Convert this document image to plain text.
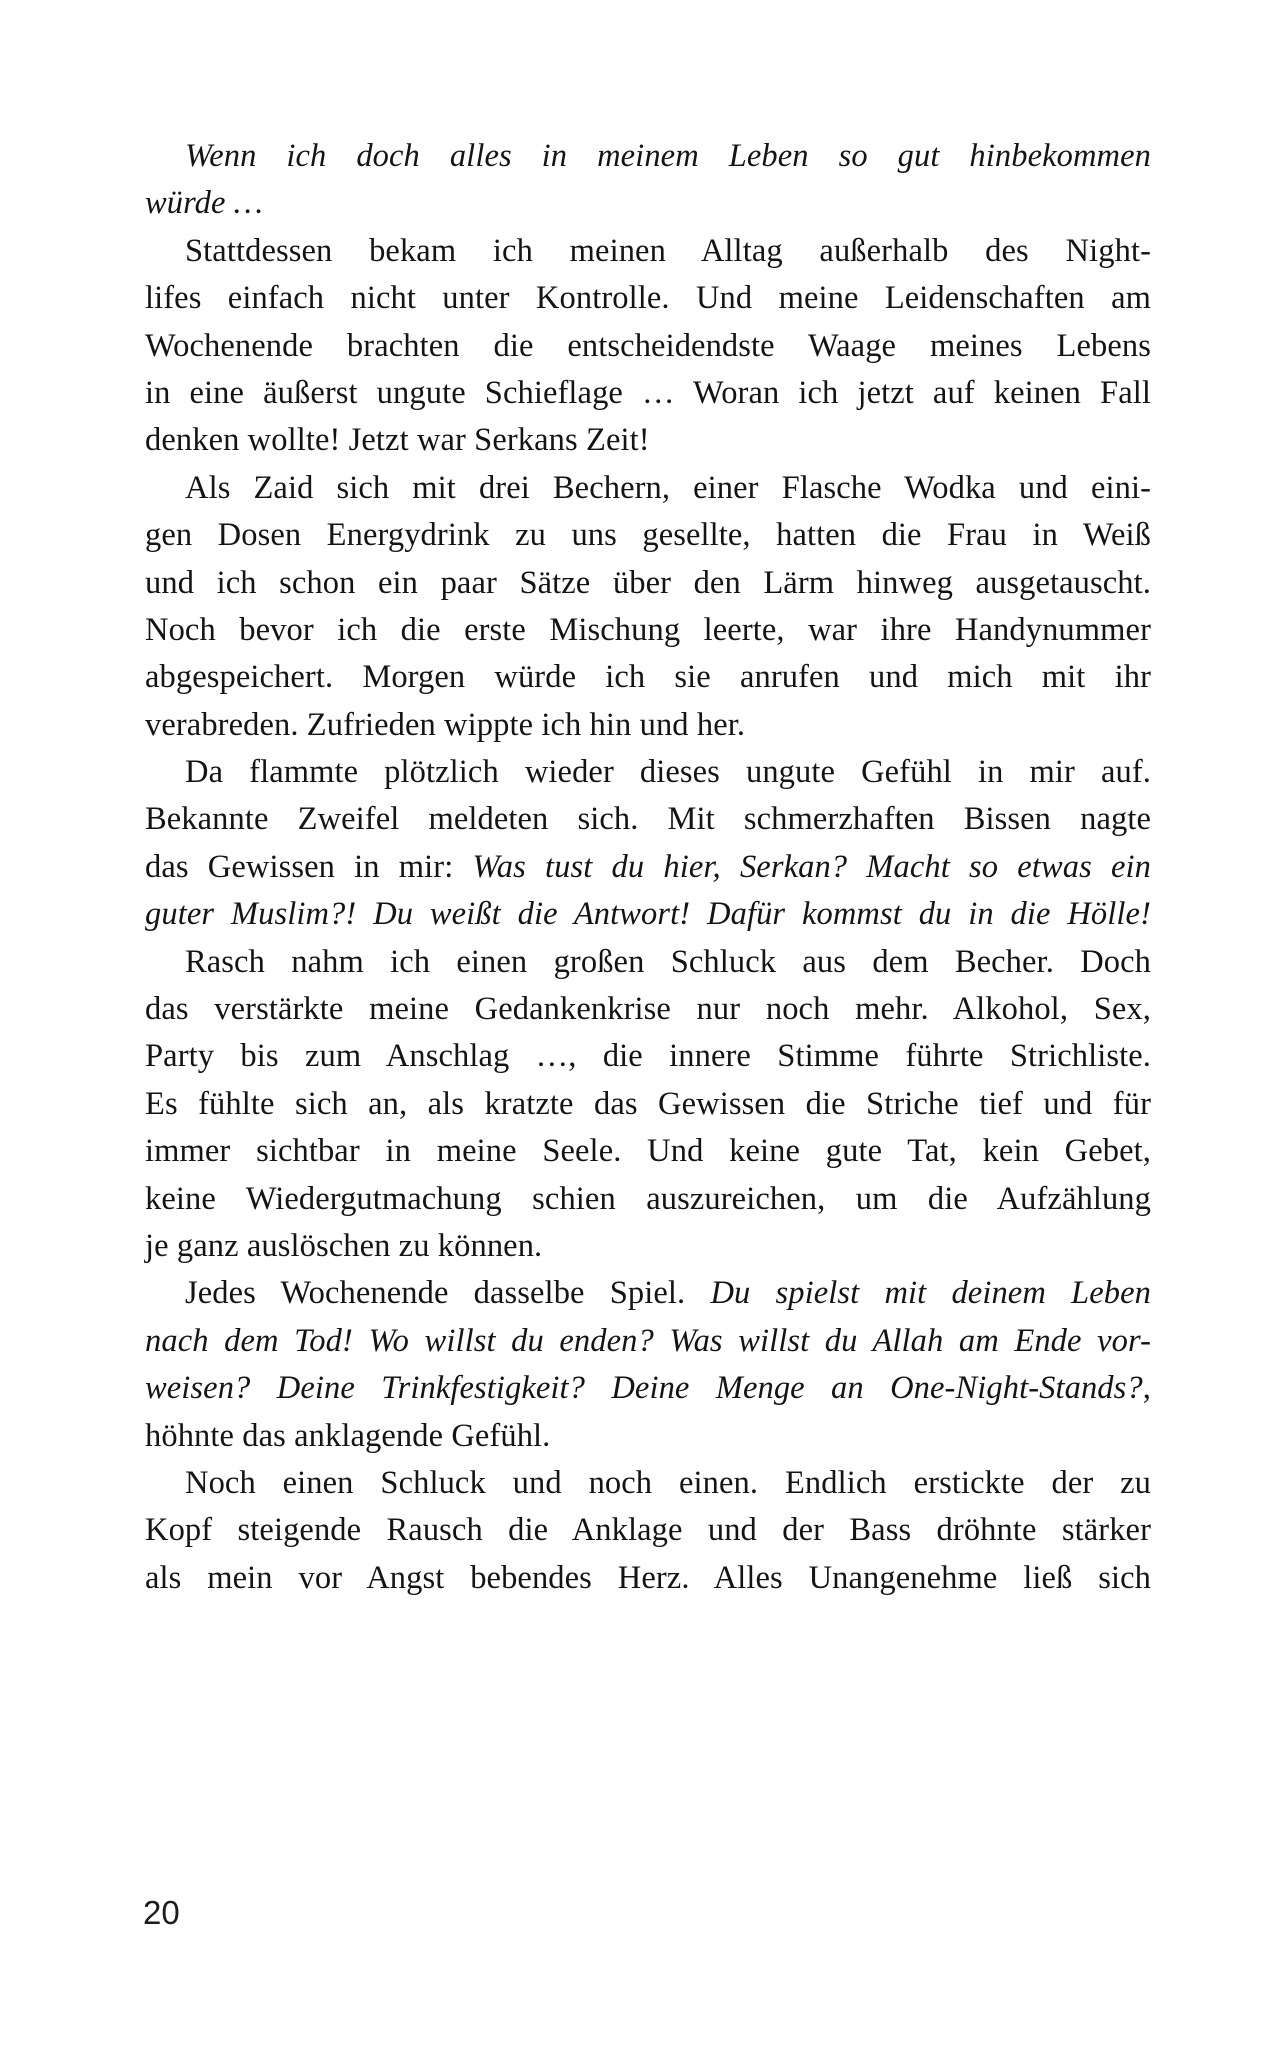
Wenn ich doch alles in meinem Leben so gut hinbekommen
würde …
Stattdessen bekam ich meinen Alltag außerhalb des Night-
lifes einfach nicht unter Kontrolle. Und meine Leidenschaften am
Wochenende brachten die entscheidendste Waage meines Lebens
in eine äußerst ungute Schieflage … Woran ich jetzt auf keinen Fall
denken wollte! Jetzt war Serkans Zeit!
Als Zaid sich mit drei Bechern, einer Flasche Wodka und eini-
gen Dosen Energydrink zu uns gesellte, hatten die Frau in Weiß
und ich schon ein paar Sätze über den Lärm hinweg ausgetauscht.
Noch bevor ich die erste Mischung leerte, war ihre Handynummer
abgespeichert. Morgen würde ich sie anrufen und mich mit ihr
verabreden. Zufrieden wippte ich hin und her.
Da flammte plötzlich wieder dieses ungute Gefühl in mir auf.
Bekannte Zweifel meldeten sich. Mit schmerzhaften Bissen nagte
das Gewissen in mir: Was tust du hier, Serkan? Macht so etwas ein
guter Muslim?! Du weißt die Antwort! Dafür kommst du in die Hölle!
Rasch nahm ich einen großen Schluck aus dem Becher. Doch
das verstärkte meine Gedankenkrise nur noch mehr. Alkohol, Sex,
Party bis zum Anschlag …, die innere Stimme führte Strichliste.
Es fühlte sich an, als kratzte das Gewissen die Striche tief und für
immer sichtbar in meine Seele. Und keine gute Tat, kein Gebet,
keine Wiedergutmachung schien auszureichen, um die Aufzählung
je ganz auslöschen zu können.
Jedes Wochenende dasselbe Spiel. Du spielst mit deinem Leben
nach dem Tod! Wo willst du enden? Was willst du Allah am Ende vor-
weisen? Deine Trinkfestigkeit? Deine Menge an One-Night-Stands?,
höhnte das anklagende Gefühl.
Noch einen Schluck und noch einen. Endlich erstickte der zu
Kopf steigende Rausch die Anklage und der Bass dröhnte stärker
als mein vor Angst bebendes Herz. Alles Unangenehme ließ sich
20
